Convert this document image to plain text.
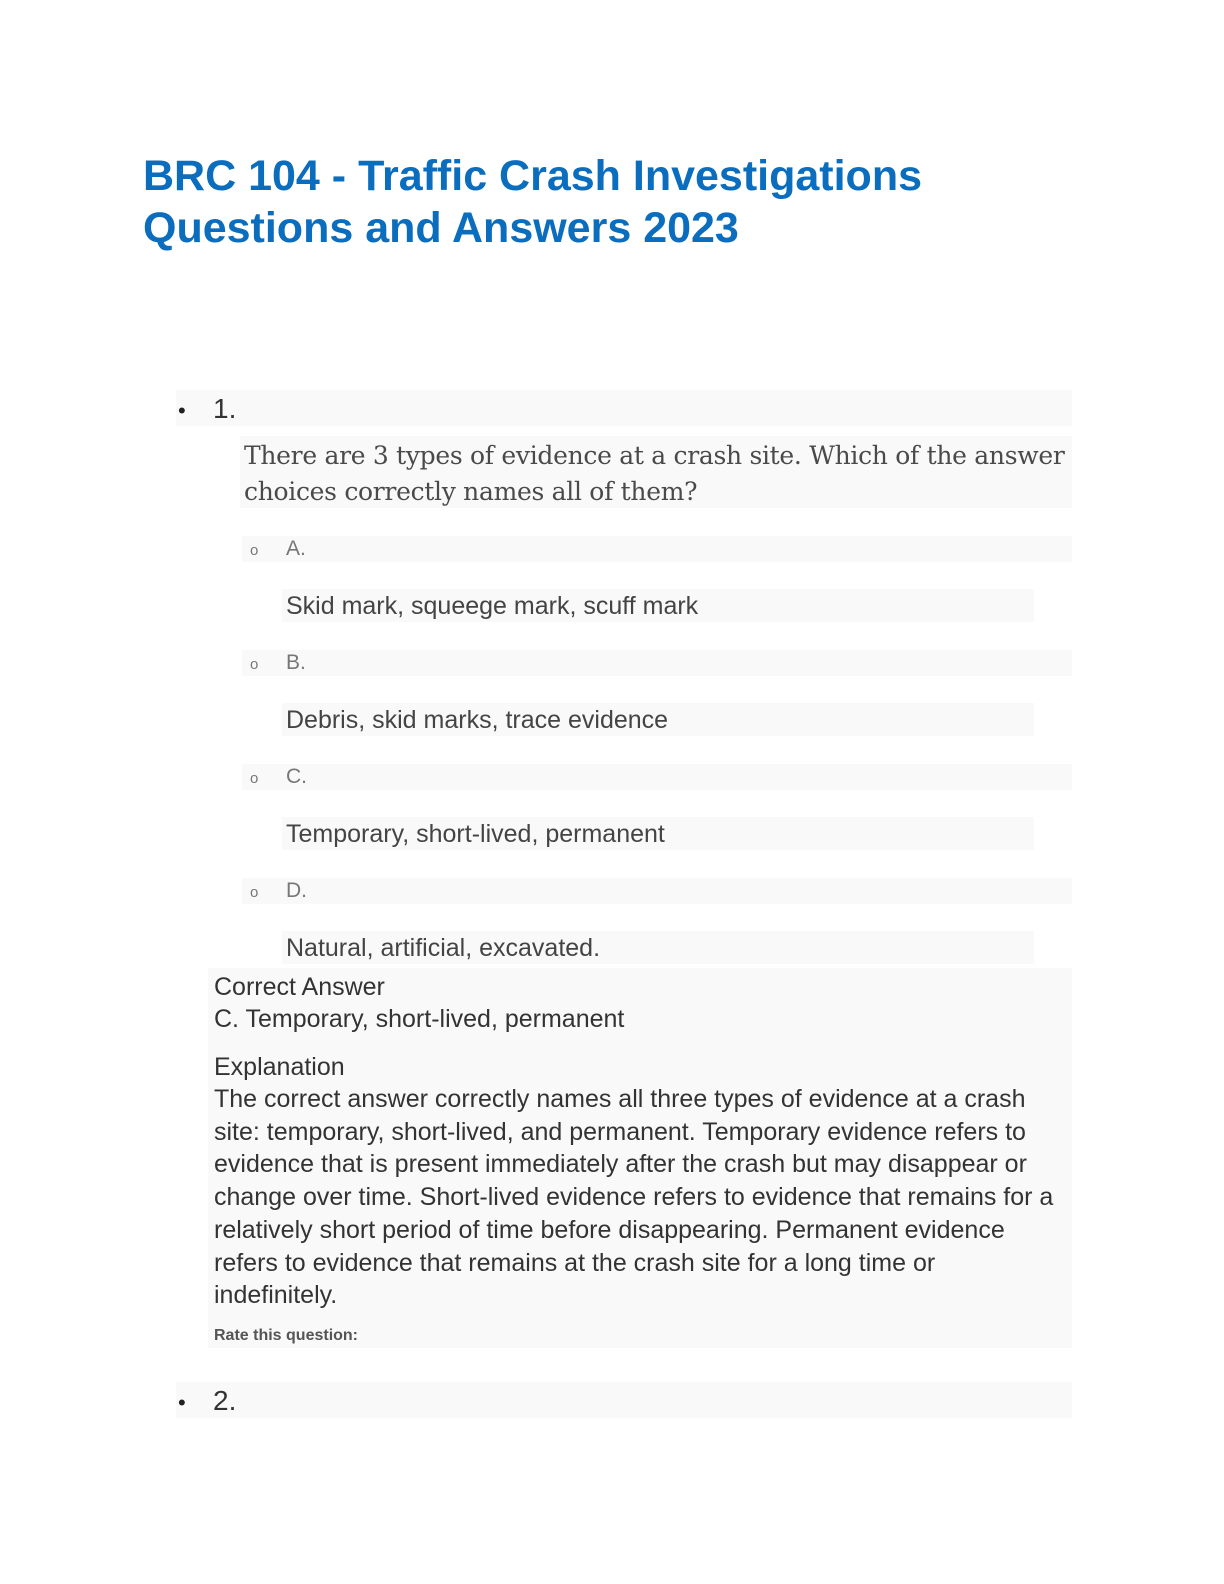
BRC 104 - Traffic Crash Investigations Questions and Answers 2023
• 1.
There are 3 types of evidence at a crash site. Which of the answer choices correctly names all of them?
o A.
Skid mark, squeege mark, scuff mark
o B.
Debris, skid marks, trace evidence
o C.
Temporary, short-lived, permanent
o D.
Natural, artificial, excavated.
Correct Answer
C. Temporary, short-lived, permanent
Explanation

The correct answer correctly names all three types of evidence at a crash site: temporary, short-lived, and permanent. Temporary evidence refers to evidence that is present immediately after the crash but may disappear or change over time. Short-lived evidence refers to evidence that remains for a relatively short period of time before disappearing. Permanent evidence refers to evidence that remains at the crash site for a long time or indefinitely.

Rate this question:
• 2.
